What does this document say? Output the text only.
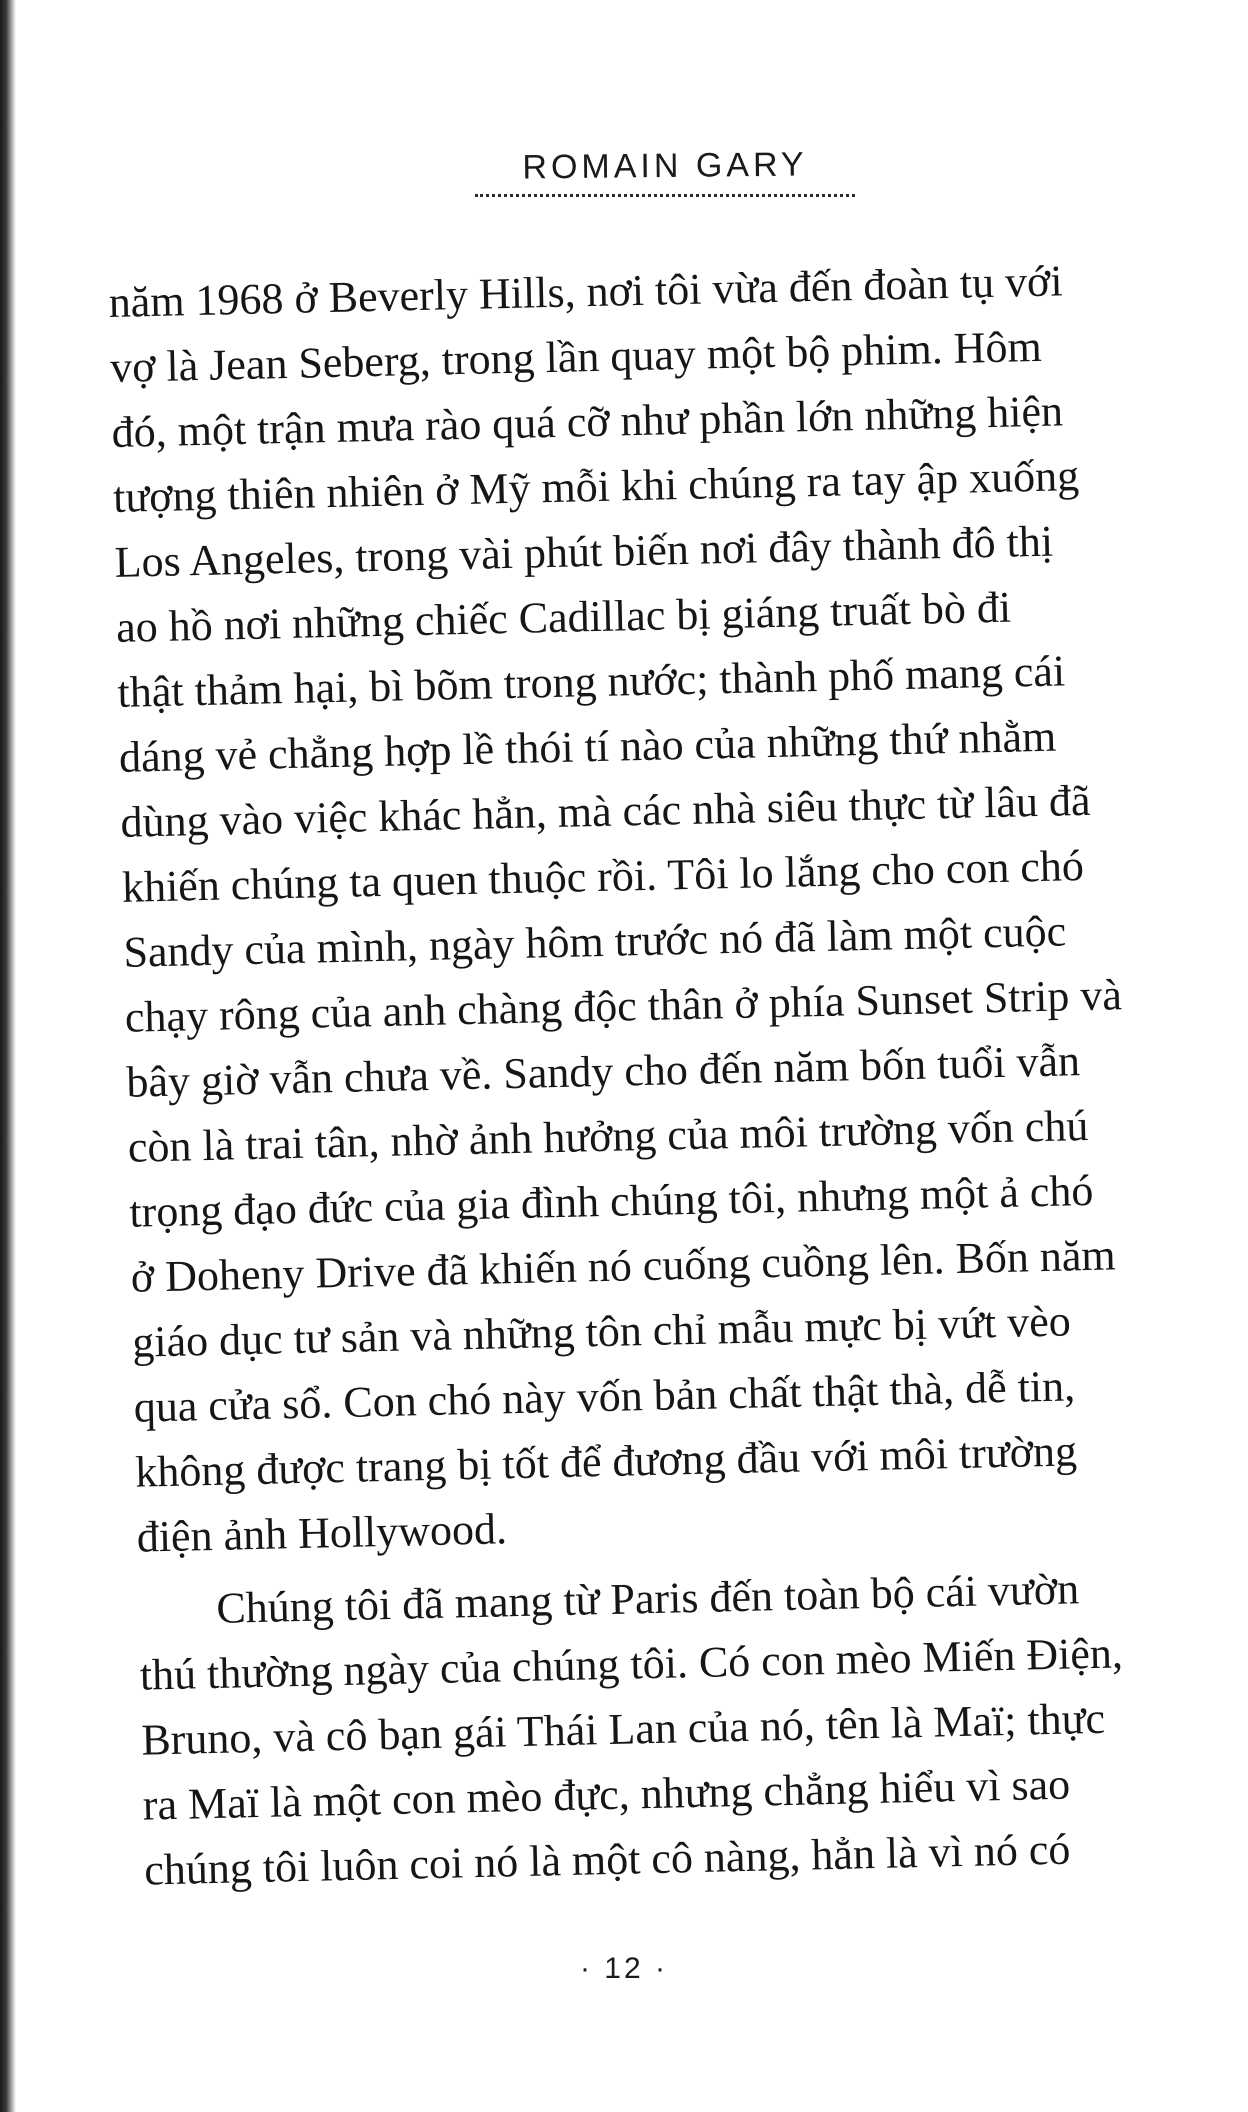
ROMAIN GARY
năm 1968 ở Beverly Hills, nơi tôi vừa đến đoàn tụ với
vợ là Jean Seberg, trong lần quay một bộ phim. Hôm
đó, một trận mưa rào quá cỡ như phần lớn những hiện
tượng thiên nhiên ở Mỹ mỗi khi chúng ra tay ập xuống
Los Angeles, trong vài phút biến nơi đây thành đô thị
ao hồ nơi những chiếc Cadillac bị giáng truất bò đi
thật thảm hại, bì bõm trong nước; thành phố mang cái
dáng vẻ chẳng hợp lề thói tí nào của những thứ nhằm
dùng vào việc khác hẳn, mà các nhà siêu thực từ lâu đã
khiến chúng ta quen thuộc rồi. Tôi lo lắng cho con chó
Sandy của mình, ngày hôm trước nó đã làm một cuộc
chạy rông của anh chàng độc thân ở phía Sunset Strip và
bây giờ vẫn chưa về. Sandy cho đến năm bốn tuổi vẫn
còn là trai tân, nhờ ảnh hưởng của môi trường vốn chú
trọng đạo đức của gia đình chúng tôi, nhưng một ả chó
ở Doheny Drive đã khiến nó cuống cuồng lên. Bốn năm
giáo dục tư sản và những tôn chỉ mẫu mực bị vứt vèo
qua cửa sổ. Con chó này vốn bản chất thật thà, dễ tin,
không được trang bị tốt để đương đầu với môi trường
điện ảnh Hollywood.
Chúng tôi đã mang từ Paris đến toàn bộ cái vườn
thú thường ngày của chúng tôi. Có con mèo Miến Điện,
Bruno, và cô bạn gái Thái Lan của nó, tên là Maï; thực
ra Maï là một con mèo đực, nhưng chẳng hiểu vì sao
chúng tôi luôn coi nó là một cô nàng, hẳn là vì nó có
· 12 ·
